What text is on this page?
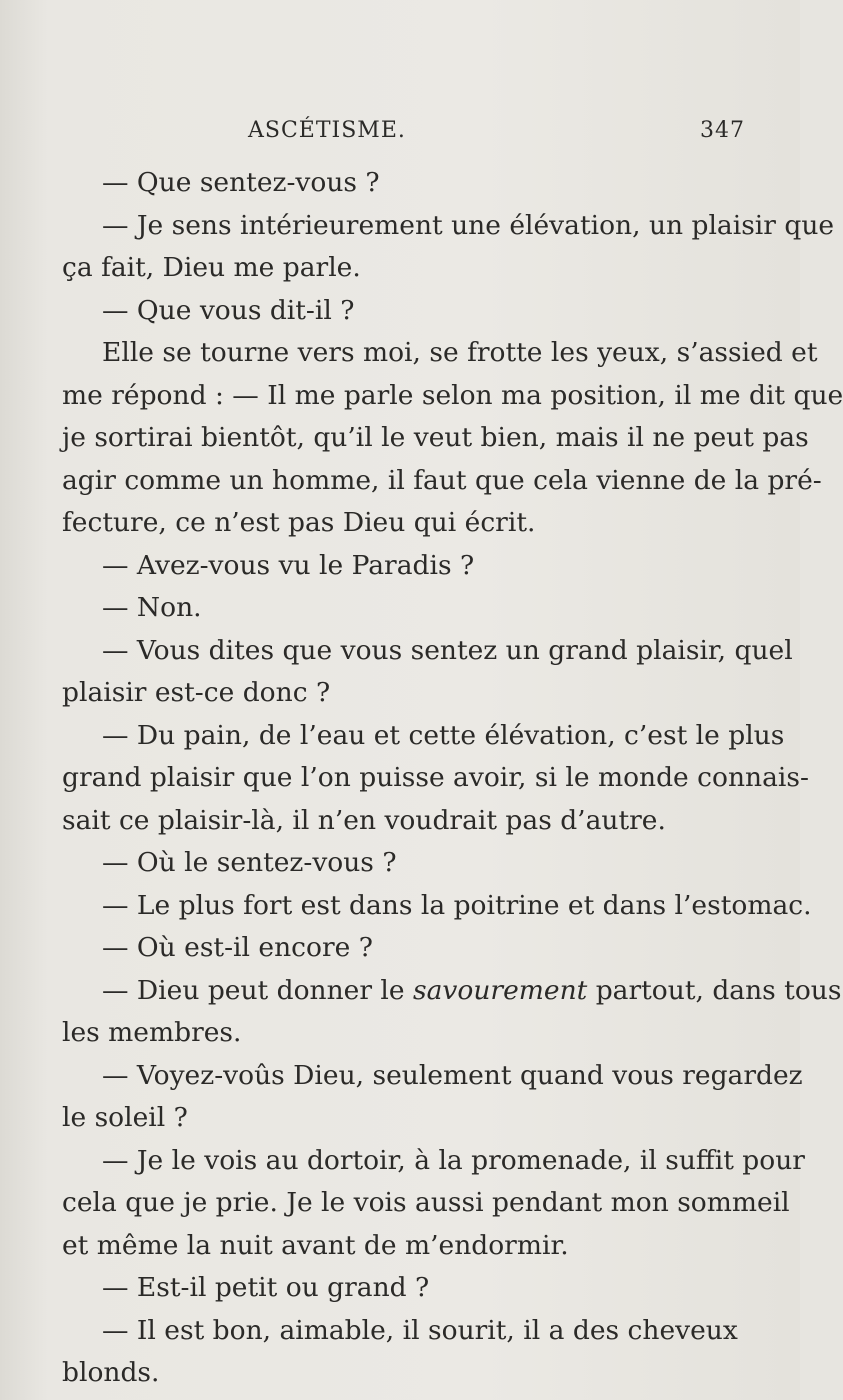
ASCÉTISME.	347
— Que sentez-vous ?
— Je sens intérieurement une élévation, un plaisir que
ça fait, Dieu me parle.
— Que vous dit-il ?
Elle se tourne vers moi, se frotte les yeux, s’assied et
me répond : — Il me parle selon ma position, il me dit que
je sortirai bientôt, qu’il le veut bien, mais il ne peut pas
agir comme un homme, il faut que cela vienne de la pré-
fecture, ce n’est pas Dieu qui écrit.
— Avez-vous vu le Paradis ?
— Non.
— Vous dites que vous sentez un grand plaisir, quel
plaisir est-ce donc ?
— Du pain, de l’eau et cette élévation, c’est le plus
grand plaisir que l’on puisse avoir, si le monde connais-
sait ce plaisir-là, il n’en voudrait pas d’autre.
— Où le sentez-vous ?
— Le plus fort est dans la poitrine et dans l’estomac.
— Où est-il encore ?
— Dieu peut donner le savourement partout, dans tous
les membres.
— Voyez-voûs Dieu, seulement quand vous regardez
le soleil ?
— Je le vois au dortoir, à la promenade, il suffit pour
cela que je prie. Je le vois aussi pendant mon sommeil
et même la nuit avant de m’endormir.
— Est-il petit ou grand ?
— Il est bon, aimable, il sourit, il a des cheveux
blonds.
